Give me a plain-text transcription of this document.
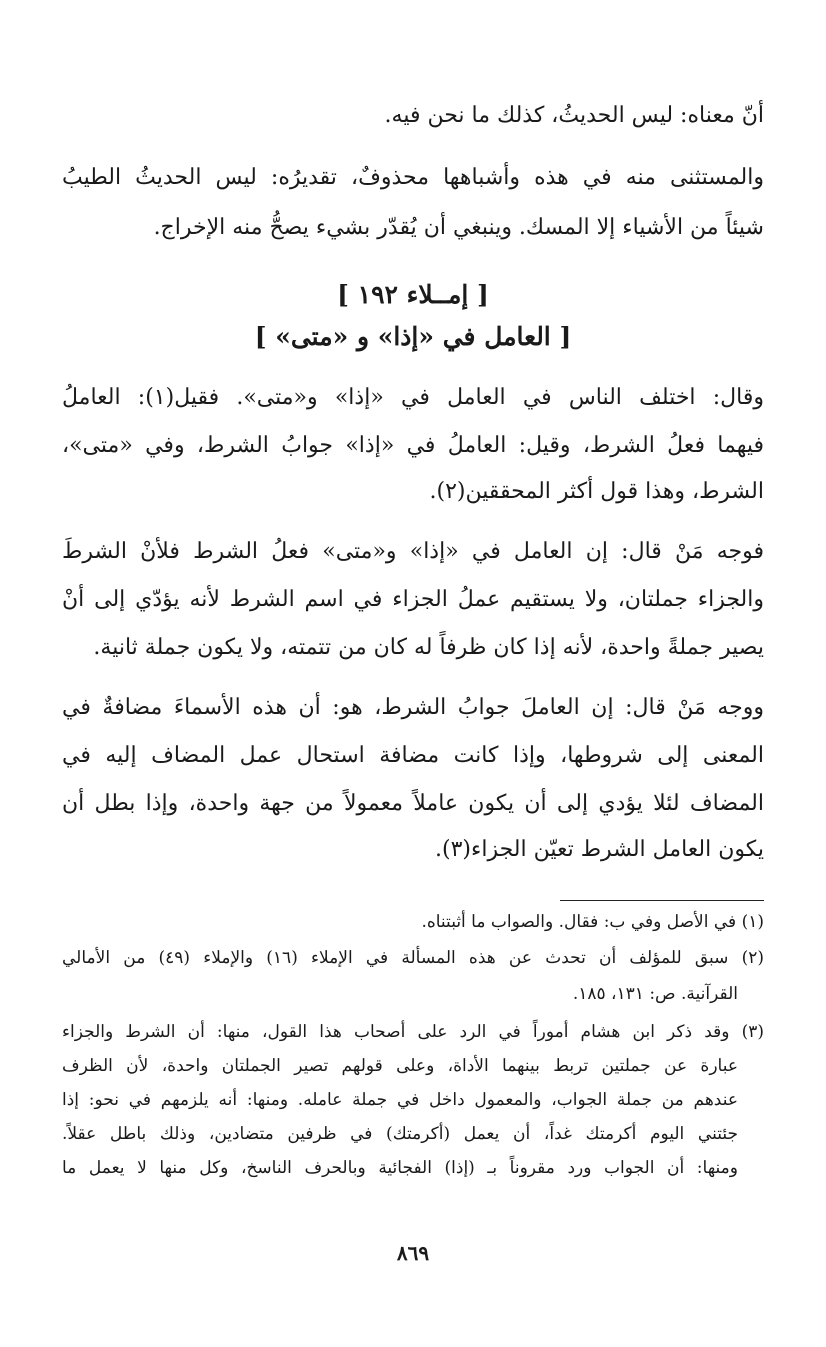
أنّ معناه: ليس الحديثُ، كذلك ما نحن فيه.
والمستثنى منه في هذه وأشباهها محذوفٌ، تقديرُه: ليس الحديثُ الطيبُ
شيئاً من الأشياء إلا المسك. وينبغي أن يُقدّر بشيء يصحُّ منه الإخراج.
[ إمــلاء ١٩٢ ]
[ العامل في «إذا» و «متى» ]
وقال: اختلف الناس في العامل في «إذا» و«متى». فقيل(١): العاملُ
فيهما فعلُ الشرط، وقيل: العاملُ في «إذا» جوابُ الشرط، وفي «متى»،
الشرط، وهذا قول أكثر المحققين(٢).
فوجه مَنْ قال: إن العامل في «إذا» و«متى» فعلُ الشرط فلأنْ الشرطَ
والجزاء جملتان، ولا يستقيم عملُ الجزاء في اسم الشرط لأنه يؤدّي إلى أنْ
يصير جملةً واحدة، لأنه إذا كان ظرفاً له كان من تتمته، ولا يكون جملة ثانية.
ووجه مَنْ قال: إن العاملَ جوابُ الشرط، هو: أن هذه الأسماءَ مضافةٌ في
المعنى إلى شروطها، وإذا كانت مضافة استحال عمل المضاف إليه في
المضاف لئلا يؤدي إلى أن يكون عاملاً معمولاً من جهة واحدة، وإذا بطل أن
يكون العامل الشرط تعيّن الجزاء(٣).
(١) في الأصل وفي ب: فقال. والصواب ما أثبتناه.
(٢) سبق للمؤلف أن تحدث عن هذه المسألة في الإملاء (١٦) والإملاء (٤٩) من الأمالي
القرآنية. ص: ١٣١، ١٨٥.
(٣) وقد ذكر ابن هشام أموراً في الرد على أصحاب هذا القول، منها: أن الشرط والجزاء
عبارة عن جملتين تربط بينهما الأداة، وعلى قولهم تصير الجملتان واحدة، لأن الظرف
عندهم من جملة الجواب، والمعمول داخل في جملة عامله. ومنها: أنه يلزمهم في نحو: إذا
جئتني اليوم أكرمتك غداً، أن يعمل (أكرمتك) في ظرفين متضادين، وذلك باطل عقلاً.
ومنها: أن الجواب ورد مقروناً بـ (إذا) الفجائية وبالحرف الناسخ، وكل منها لا يعمل ما
٨٦٩
